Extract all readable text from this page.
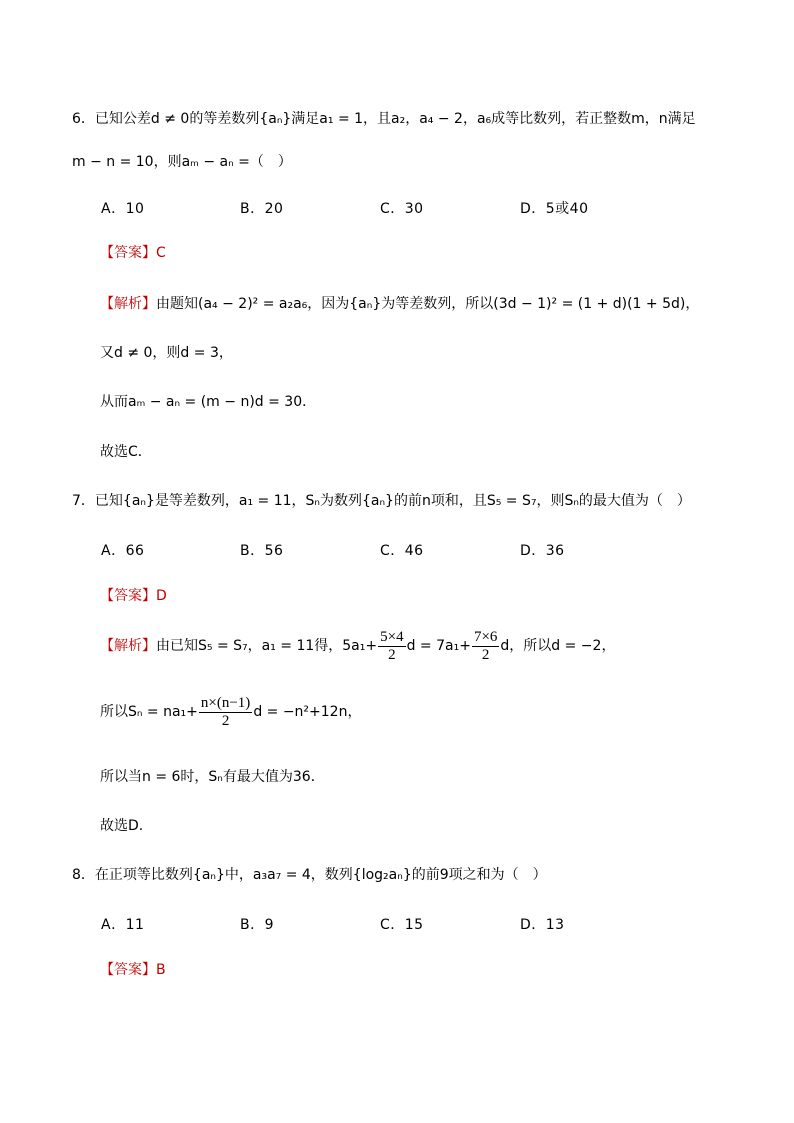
6．已知公差d ≠ 0的等差数列{aₙ}满足a₁ = 1，且a₂，a₄ − 2，a₆成等比数列，若正整数m，n满足
m − n = 10，则aₘ − aₙ =（　）
A．10	B．20	C．30	D．5或40
【答案】C
【解析】由题知(a₄ − 2)² = a₂a₆，因为{aₙ}为等差数列，所以(3d − 1)² = (1 + d)(1 + 5d)，
又d ≠ 0，则d = 3，
从而aₘ − aₙ = (m − n)d = 30．
故选C．
7．已知{aₙ}是等差数列，a₁ = 11，Sₙ为数列{aₙ}的前n项和，且S₅ = S₇，则Sₙ的最大值为（　）
A．66	B．56	C．46	D．36
【答案】D
【解析】由已知S₅ = S₇，a₁ = 11得，$5a_1+ \frac{5\times 4}{2}$ $d = 7a_1+ \frac{7\times 6}{2}$ d，所以d = −2，
所以$S_n = na_1+ \frac{n\times(n-1)}{2}$ d = −n²+12n，
所以当n = 6时，Sₙ有最大值为36．
故选D.
8．在正项等比数列{aₙ}中，a₃a₇ = 4，数列{log₂aₙ}的前9项之和为（　）
A．11	B．9	C．15	D．13
【答案】B
